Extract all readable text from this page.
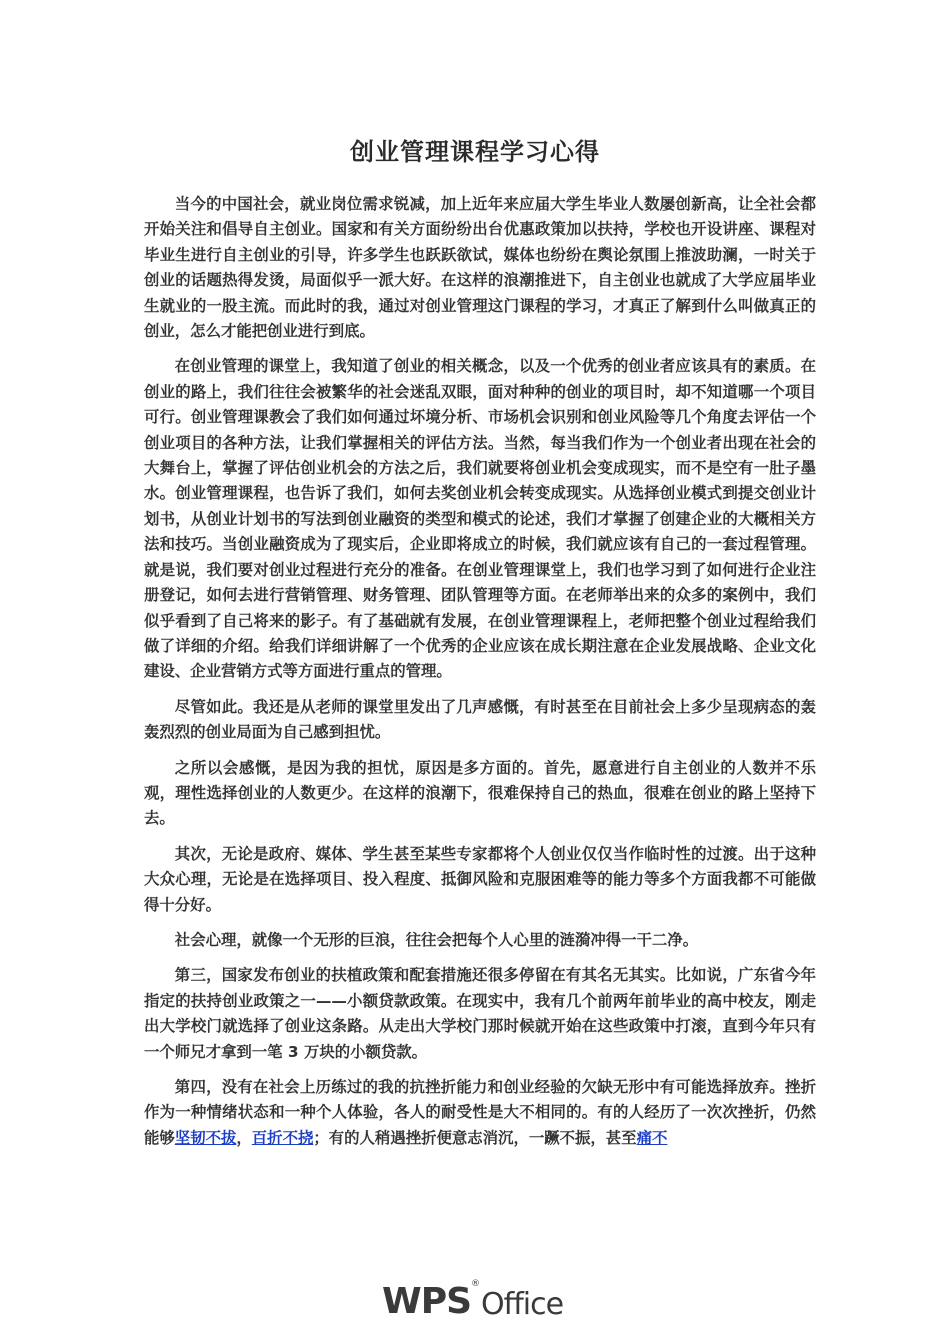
创业管理课程学习心得

当今的中国社会，就业岗位需求锐减，加上近年来应届大学生毕业人数屡创新高，让全社会都开始关注和倡导自主创业。国家和有关方面纷纷出台优惠政策加以扶持，学校也开设讲座、课程对毕业生进行自主创业的引导，许多学生也跃跃欲试，媒体也纷纷在舆论氛围上推波助澜，一时关于创业的话题热得发烫，局面似乎一派大好。在这样的浪潮推进下，自主创业也就成了大学应届毕业生就业的一股主流。而此时的我，通过对创业管理这门课程的学习，才真正了解到什么叫做真正的创业，怎么才能把创业进行到底。

在创业管理的课堂上，我知道了创业的相关概念，以及一个优秀的创业者应该具有的素质。在创业的路上，我们往往会被繁华的社会迷乱双眼，面对种种的创业的项目时，却不知道哪一个项目可行。创业管理课教会了我们如何通过坏境分析、市场机会识别和创业风险等几个角度去评估一个创业项目的各种方法，让我们掌握相关的评估方法。当然，每当我们作为一个创业者出现在社会的大舞台上，掌握了评估创业机会的方法之后，我们就要将创业机会变成现实，而不是空有一肚子墨水。创业管理课程，也告诉了我们，如何去奖创业机会转变成现实。从选择创业模式到提交创业计划书，从创业计划书的写法到创业融资的类型和模式的论述，我们才掌握了创建企业的大概相关方法和技巧。当创业融资成为了现实后，企业即将成立的时候，我们就应该有自己的一套过程管理。就是说，我们要对创业过程进行充分的准备。在创业管理课堂上，我们也学习到了如何进行企业注册登记，如何去进行营销管理、财务管理、团队管理等方面。在老师举出来的众多的案例中，我们似乎看到了自己将来的影子。有了基础就有发展，在创业管理课程上，老师把整个创业过程给我们做了详细的介绍。给我们详细讲解了一个优秀的企业应该在成长期注意在企业发展战略、企业文化建设、企业营销方式等方面进行重点的管理。

尽管如此。我还是从老师的课堂里发出了几声感慨，有时甚至在目前社会上多少呈现病态的轰轰烈烈的创业局面为自己感到担忧。

之所以会感慨，是因为我的担忧，原因是多方面的。首先，愿意进行自主创业的人数并不乐观，理性选择创业的人数更少。在这样的浪潮下，很难保持自己的热血，很难在创业的路上坚持下去。

其次，无论是政府、媒体、学生甚至某些专家都将个人创业仅仅当作临时性的过渡。出于这种大众心理，无论是在选择项目、投入程度、抵御风险和克服困难等的能力等多个方面我都不可能做得十分好。

社会心理，就像一个无形的巨浪，往往会把每个人心里的涟漪冲得一干二净。

第三，国家发布创业的扶植政策和配套措施还很多停留在有其名无其实。比如说，广东省今年指定的扶持创业政策之一——小额贷款政策。在现实中，我有几个前两年前毕业的高中校友，刚走出大学校门就选择了创业这条路。从走出大学校门那时候就开始在这些政策中打滚，直到今年只有一个师兄才拿到一笔 3 万块的小额贷款。

第四，没有在社会上历练过的我的抗挫折能力和创业经验的欠缺无形中有可能选择放弃。挫折作为一种情绪状态和一种个人体验，各人的耐受性是大不相同的。有的人经历了一次次挫折，仍然能够坚韧不拔，百折不挠；有的人稍遇挫折便意志消沉，一蹶不振，甚至痛不

WPS ®
Office
